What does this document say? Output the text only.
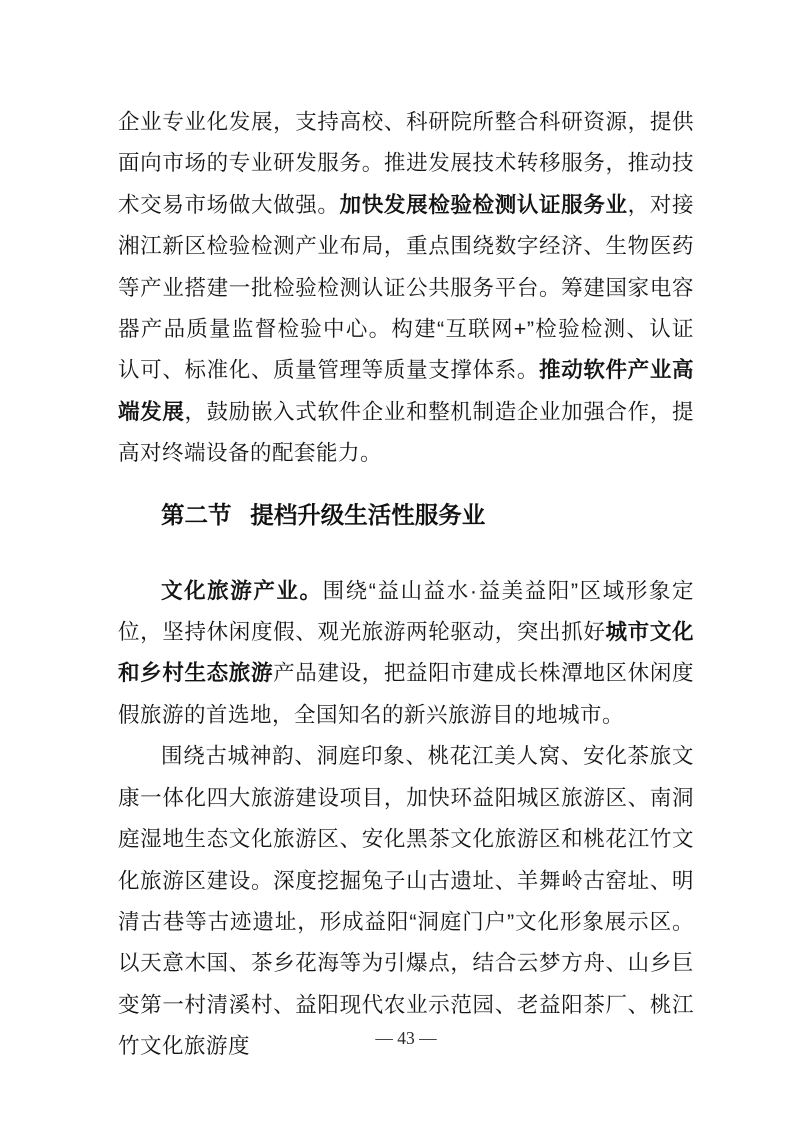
企业专业化发展，支持高校、科研院所整合科研资源，提供面向市场的专业研发服务。推进发展技术转移服务，推动技术交易市场做大做强。加快发展检验检测认证服务业，对接湘江新区检验检测产业布局，重点围绕数字经济、生物医药等产业搭建一批检验检测认证公共服务平台。筹建国家电容器产品质量监督检验中心。构建“互联网+”检验检测、认证认可、标准化、质量管理等质量支撑体系。推动软件产业高端发展，鼓励嵌入式软件企业和整机制造企业加强合作，提高对终端设备的配套能力。

第二节 提档升级生活性服务业

文化旅游产业。围绕“益山益水·益美益阳”区域形象定位，坚持休闲度假、观光旅游两轮驱动，突出抓好城市文化和乡村生态旅游产品建设，把益阳市建成长株潭地区休闲度假旅游的首选地，全国知名的新兴旅游目的地城市。

围绕古城神韵、洞庭印象、桃花江美人窝、安化茶旅文康一体化四大旅游建设项目，加快环益阳城区旅游区、南洞庭湿地生态文化旅游区、安化黑茶文化旅游区和桃花江竹文化旅游区建设。深度挖掘兔子山古遗址、羊舞岭古窑址、明清古巷等古迹遗址，形成益阳“洞庭门户”文化形象展示区。以天意木国、茶乡花海等为引爆点，结合云梦方舟、山乡巨变第一村清溪村、益阳现代农业示范园、老益阳茶厂、桃江竹文化旅游度	— 43 —
